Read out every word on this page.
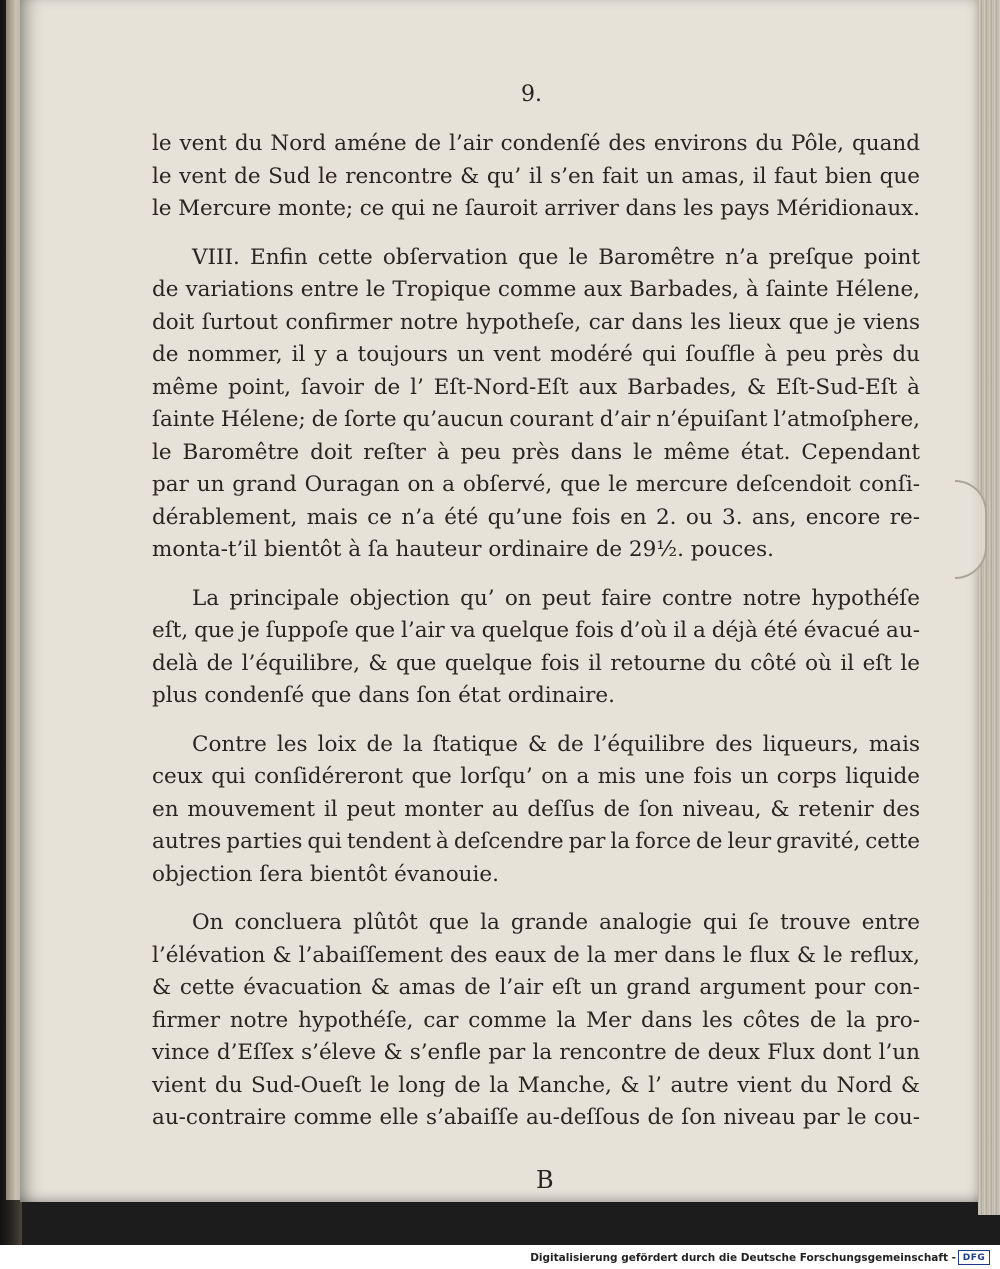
9.
le vent du Nord améne de l’air condenſé des environs du Pôle, quand
le vent de Sud le rencontre & qu’ il s’en fait un amas, il faut bien que
le Mercure monte; ce qui ne ſauroit arriver dans les pays Méridionaux.
VIII. Enfin cette obſervation que le Baromêtre n’a preſque point
de variations entre le Tropique comme aux Barbades, à ſainte Hélene,
doit ſurtout confirmer notre hypotheſe, car dans les lieux que je viens
de nommer, il y a toujours un vent modéré qui ſouſfle à peu près du
même point, ſavoir de l’ Eſt-Nord-Eſt aux Barbades, & Eſt-Sud-Eſt à
ſainte Hélene; de ſorte qu’aucun courant d’air n’épuiſant l’atmoſphere,
le Baromêtre doit reſter à peu près dans le même état. Cependant
par un grand Ouragan on a obſervé, que le mercure deſcendoit conſi-
dérablement, mais ce n’a été qu’une fois en 2. ou 3. ans, encore re-
monta-t’il bientôt à ſa hauteur ordinaire de 29½. pouces.
La principale objection qu’ on peut faire contre notre hypothéſe
eſt, que je ſuppoſe que l’air va quelque fois d’où il a déjà été évacué au-
delà de l’équilibre, & que quelque fois il retourne du côté où il eſt le
plus condenſé que dans ſon état ordinaire.
Contre les loix de la ſtatique & de l’équilibre des liqueurs, mais
ceux qui conſidéreront que lorſqu’ on a mis une fois un corps liquide
en mouvement il peut monter au deſſus de ſon niveau, & retenir des
autres parties qui tendent à deſcendre par la force de leur gravité, cette
objection ſera bientôt évanouie.
On concluera plûtôt que la grande analogie qui ſe trouve entre
l’élévation & l’abaiſſement des eaux de la mer dans le flux & le reflux,
& cette évacuation & amas de l’air eſt un grand argument pour con-
firmer notre hypothéſe, car comme la Mer dans les côtes de la pro-
vince d’Eſſex s’éleve & s’enfle par la rencontre de deux Flux dont l’un
vient du Sud-Oueſt le long de la Manche, & l’ autre vient du Nord &
au-contraire comme elle s’abaiſſe au-deſſous de ſon niveau par le cou-
B
Digitalisierung gefördert durch die Deutsche Forschungsgemeinschaft - DFG
